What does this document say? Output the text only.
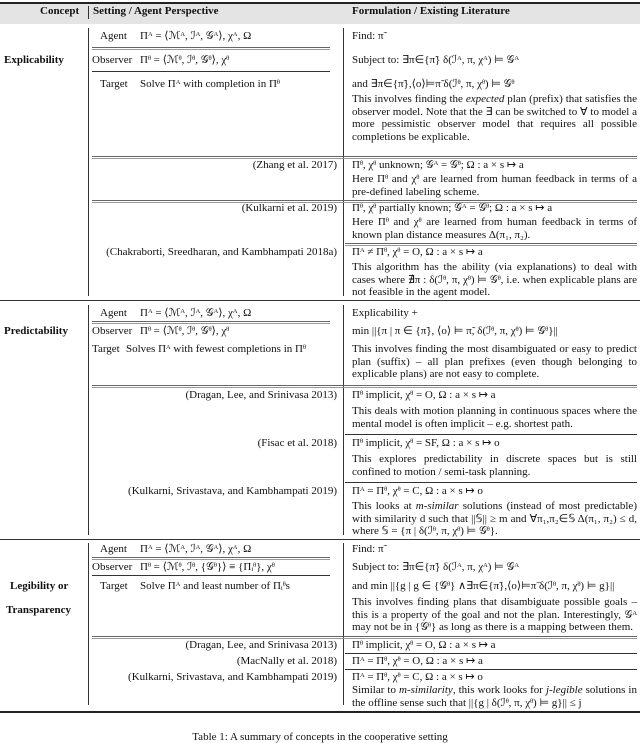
Concept Setting / Agent Perspective	Formulation / Existing Literature
Explicability
Agent Πᴬ = ⟨ℳᴬ, ℐᴬ, 𝒢ᴬ⟩, χᴬ, Ω
Observer Πᶿ = ⟨ℳᶿ, ℐᶿ, 𝒢ᶿ⟩, χᶿ
Target Solve Πᴬ with completion in Πᶿ
Find: π̃
Subject to: ∃π∈{π̃} δ(ℐᴬ, π, χᴬ) ⊨ 𝒢ᴬ
and ∃π∈{π̃},⟨o⟩⊨π̃ δ(ℐᶿ, π, χᶿ) ⊨ 𝒢ᶿ
This involves finding the expected plan (prefix) that satisfies the observer model. Note that the ∃ can be switched to ∀ to model a more pessimistic observer model that requires all possible completions be explicable.
(Zhang et al. 2017) Πᶿ, χᶿ unknown; 𝒢ᴬ = 𝒢ᶿ; Ω : a × s ↦ a
Here Πᶿ and χᶿ are learned from human feedback in terms of a pre-defined labeling scheme.
(Kulkarni et al. 2019) Πᶿ, χᶿ partially known; 𝒢ᴬ = 𝒢ᶿ; Ω : a × s ↦ a
Here Πᶿ and χᶿ are learned from human feedback in terms of known plan distance measures Δ(π₁, π₂).
(Chakraborti, Sreedharan, and Kambhampati 2018a) Πᴬ ≠ Πᶿ, χᶿ = O, Ω : a × s ↦ a
This algorithm has the ability (via explanations) to deal with cases where ∄π : δ(ℐᶿ, π, χᶿ) ⊨ 𝒢ᶿ, i.e. when explicable plans are not feasible in the agent model.
Predictability
Agent Πᴬ = ⟨ℳᴬ, ℐᴬ, 𝒢ᴬ⟩, χᴬ, Ω
Observer Πᶿ = ⟨ℳᶿ, ℐᶿ, 𝒢ᶿ⟩, χᶿ
Target Solves Πᴬ with fewest completions in Πᶿ
Explicability +
min ||{π | π ∈ {π̃}, ⟨o⟩ ⊨ π̃, δ(ℐᶿ, π, χᶿ) ⊨ 𝒢ᶿ}||
This involves finding the most disambiguated or easy to predict plan (suffix) – all plan prefixes (even though belonging to explicable plans) are not easy to complete.
(Dragan, Lee, and Srinivasa 2013) Πᶿ implicit, χᶿ = O, Ω : a × s ↦ a
This deals with motion planning in continuous spaces where the mental model is often implicit – e.g. shortest path.
(Fisac et al. 2018) Πᶿ implicit, χᶿ = SF, Ω : a × s ↦ o
This explores predictability in discrete spaces but is still confined to motion / semi-task planning.
(Kulkarni, Srivastava, and Kambhampati 2019) Πᴬ = Πᶿ, χᶿ = C, Ω : a × s ↦ o
This looks at m-similar solutions (instead of most predictable) with similarity d such that ||𝕊|| ≥ m and ∀π₁,π₂∈𝕊 Δ(π₁, π₂) ≤ d, where 𝕊 = {π | δ(ℐᶿ, π, χᶿ) ⊨ 𝒢ᶿ}.
Legibility or
Transparency
Agent Πᴬ = ⟨ℳᴬ, ℐᴬ, 𝒢ᴬ⟩, χᴬ, Ω
Observer Πᶿ = ⟨ℳᶿ, ℐᶿ, {𝒢ᶿ}⟩ ≡ {Πᵢᶿ}, χᶿ
Target Solve Πᴬ and least number of Πᵢᶿs
Find: π̃
Subject to: ∃π∈{π̃} δ(ℐᴬ, π, χᴬ) ⊨ 𝒢ᴬ
and min ||{g | g ∈ {𝒢ᶿ} ∧∃π∈{π̃},⟨o⟩⊨π̃ δ(ℐᶿ, π, χᶿ) ⊨ g}||
This involves finding plans that disambiguate possible goals – this is a property of the goal and not the plan. Interestingly, 𝒢ᴬ may not be in {𝒢ᶿ} as long as there is a mapping between them.
(Dragan, Lee, and Srinivasa 2013) Πᶿ implicit, χᶿ = O, Ω : a × s ↦ a
(MacNally et al. 2018) Πᴬ = Πᶿ, χᶿ = O, Ω : a × s ↦ a
(Kulkarni, Srivastava, and Kambhampati 2019) Πᴬ = Πᶿ, χᶿ = C, Ω : a × s ↦ o
Similar to m-similarity, this work looks for j-legible solutions in the offline sense such that ||{g | δ(ℐᶿ, π, χᶿ) ⊨ g}|| ≤ j
Table 1: A summary of concepts in the cooperative setting
